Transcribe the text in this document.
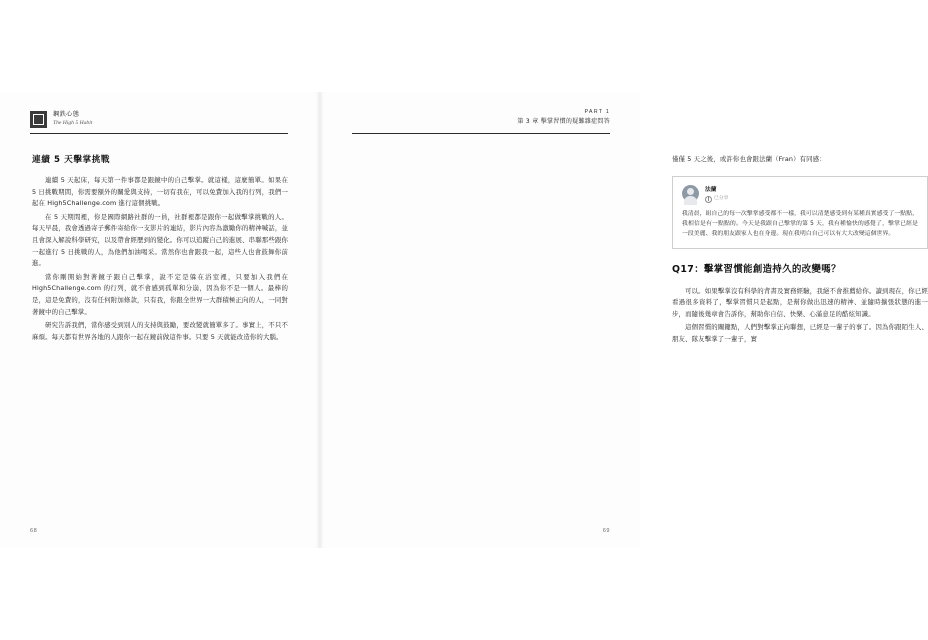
鋼鉄心態
The High 5 Habit
連續 5 天擊掌挑戰

連續 5 天起床，每天第一件事都是跟鏡中的自己擊掌。就這樣，這麼簡單。如果在 5 日挑戰期間，你需要額外的關愛與支持，一切有我在，可以免費加入我的行列，我們一起在 High5Challenge.com 進行這個挑戰。

在 5 天期間裡，你是國際網路社群的一員，社群裡都是跟你一起做擊掌挑戰的人。每天早晨，我會透過寄子郵件寄給你一支影片的連結，影片內容為激勵你的精神喊話，並且會深入解說科學研究，以及帶會經歷到的變化。你可以追蹤自己的進展、串聯那些跟你一起進行 5 日挑戰的人，為他們加油喝采。當然你也會跟我一起，這些人也會鼓舞你前進。

當你剛開始對著鏡子跟自己擊掌，說不定是躲在浴室裡，只要加入我們在 High5Challenge.com 的行列，就不會感到孤單和分崩，因為你不是一個人。最棒的是，這是免費的，沒有任何附加條款，只有我，你跟全世界一大群積極正向的人，一同對著鏡中的自己擊掌。

研究告訴我們，當你感受到別人的支持與鼓勵，要改變就簡單多了。事實上，不只不麻煩。每天都有世界各地的人跟你一起在鏡前做這件事。只要 5 天就能改造你的大腦。

68
PART 1
第 3 章 擊掌習慣的疑難雜症問答

僅僅 5 天之後，或許你也會跟法蘭（Fran）有同感：

法蘭
已分享

我清晨，組自己的每一次擊掌感受都不一樣，我可以清楚感受到有某種真實感受了一點點，我相信是有一點點的。今天是我跟自己擊掌的第 5 天，我有種愉快的感覺了，擊掌已經是一段美麗、我的朋友跟家人也在身邊。現在我明白自己可以有大大改變這個世界。

Q17：擊掌習慣能創造持久的改變嗎？

可以。如果擊掌沒有科學的背書及實務經驗，我絕不會推薦給你。讀到現在，你已經看過很多資料了，擊掌習慣只是起點，是幫你做出迅速的精神、並隨時擴張狀態的進一步，而隨後幾章會告訴你，幫助你自信、快樂、心滿意足的酷炫知識。

這個習慣的關鍵點，人們對擊掌正向聯想，已經是一輩子的事了。因為你跟陌生人、朋友、隊友擊掌了一輩子，實

69
